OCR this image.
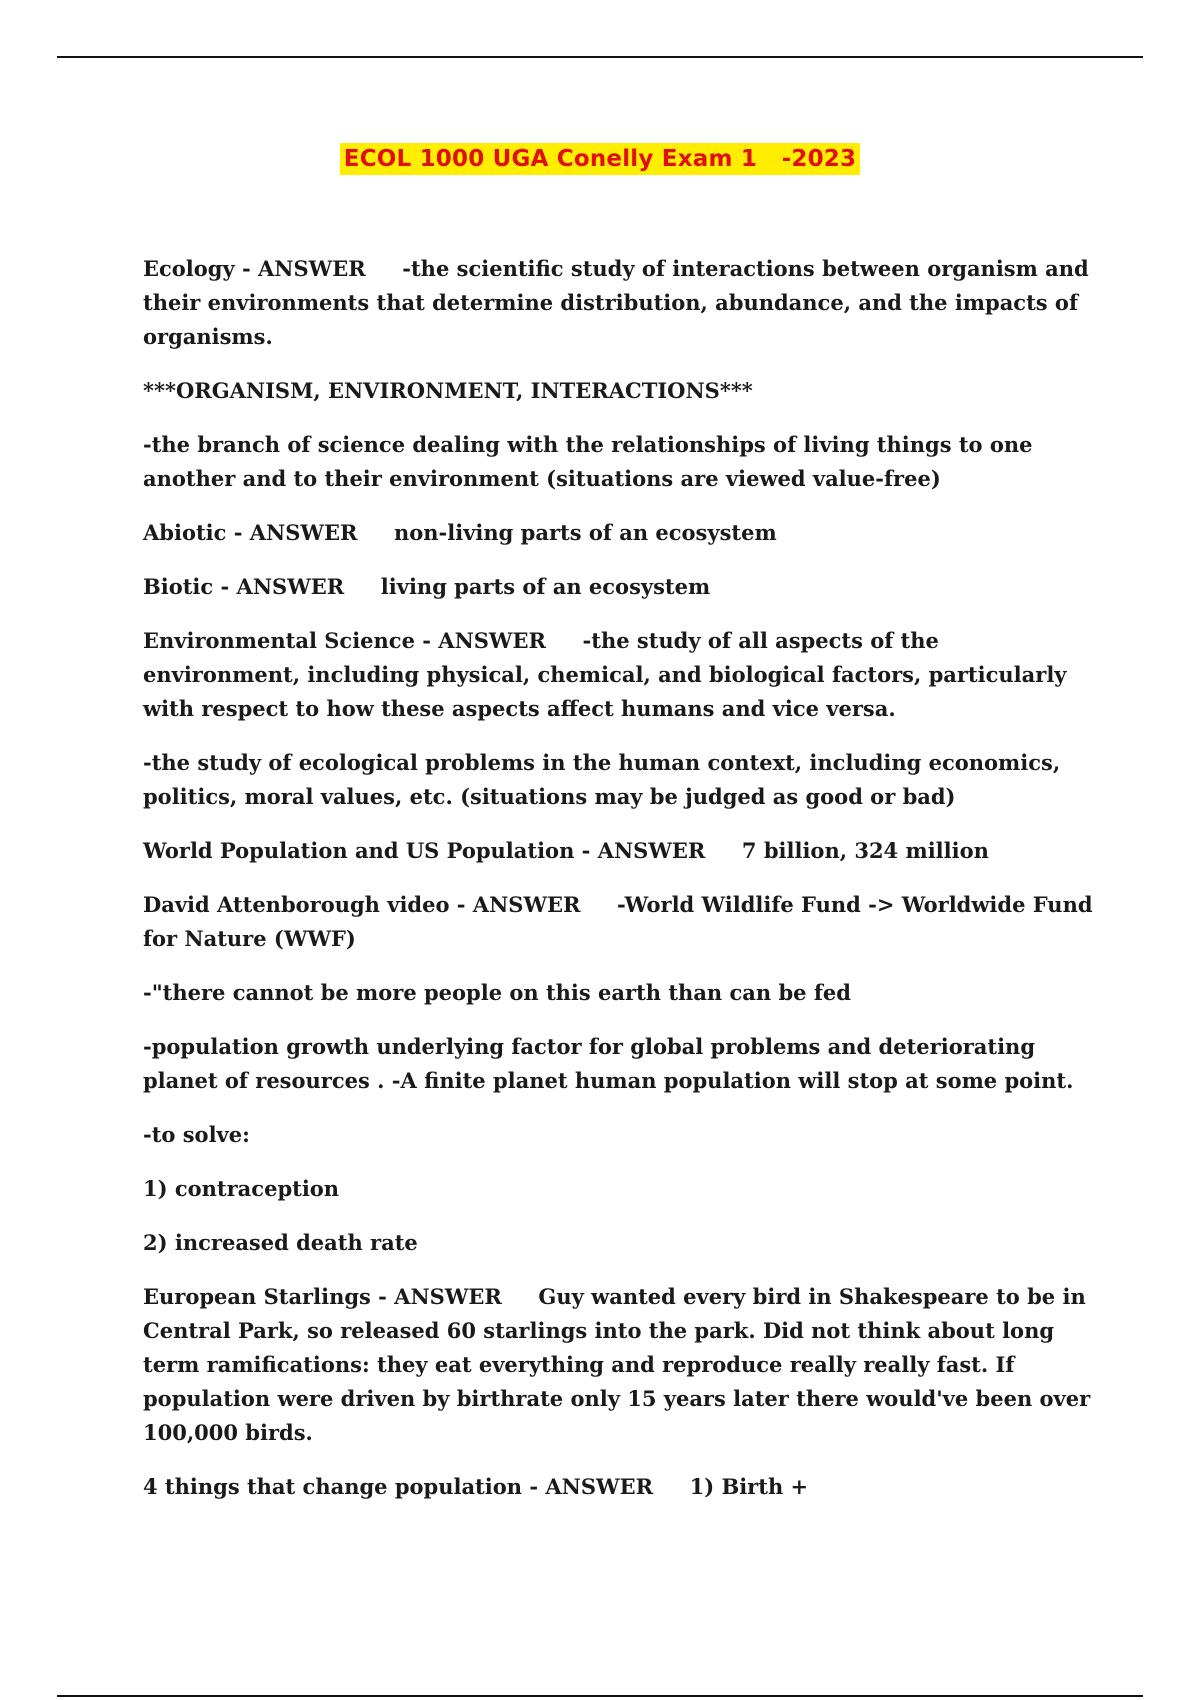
ECOL 1000 UGA Conelly Exam 1   -2023

Ecology - ANSWER     -the scientific study of interactions between organism and their environments that determine distribution, abundance, and the impacts of organisms.

***ORGANISM, ENVIRONMENT, INTERACTIONS***

-the branch of science dealing with the relationships of living things to one another and to their environment (situations are viewed value-free)

Abiotic - ANSWER     non-living parts of an ecosystem

Biotic - ANSWER     living parts of an ecosystem

Environmental Science - ANSWER     -the study of all aspects of the environment, including physical, chemical, and biological factors, particularly with respect to how these aspects affect humans and vice versa.

-the study of ecological problems in the human context, including economics, politics, moral values, etc. (situations may be judged as good or bad)

World Population and US Population - ANSWER     7 billion, 324 million

David Attenborough video - ANSWER     -World Wildlife Fund -> Worldwide Fund for Nature (WWF)

-"there cannot be more people on this earth than can be fed

-population growth underlying factor for global problems and deteriorating planet of resources . -A finite planet human population will stop at some point.

-to solve:

1) contraception

2) increased death rate

European Starlings - ANSWER     Guy wanted every bird in Shakespeare to be in Central Park, so released 60 starlings into the park. Did not think about long term ramifications: they eat everything and reproduce really really fast. If population were driven by birthrate only 15 years later there would've been over 100,000 birds.

4 things that change population - ANSWER     1) Birth +
